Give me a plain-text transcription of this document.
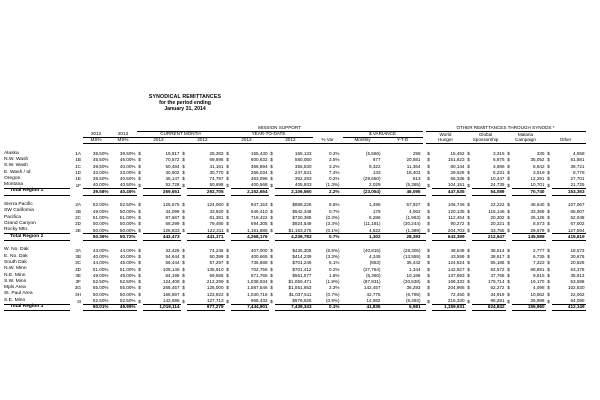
SYNODICAL REMITTANCES
for the period ending
January 31, 2014
				MISSION SUPPORT												OTHER REMITTANCES THROUGH SYNODS *							
		2012	2013	CURRENT MONTH				YEAR-TO-DATE					$ VARIANCE			World		Global		Malaria			
		MS%	MS%	2013		2012		2013		2012		% Var	Monthly	Y-T-D		Hunger		Sponsorship		Campaign		Other	

Alaska	1A	39.50%	39.50%	$	19,817	$	25,383	$	155,430	$	155,132	0.2%	(5,566)	298		$	15,452	$	3,315	$	335	$	4,558
N.W. Wash	1B	45.50%	46.00%	$	70,572	$	69,896	$	600,632	$	580,050	3.5%	677	20,581		$	151,823	$	6,875	$	35,052	$	51,881
S.W. Wash	1C	39.50%	40.00%	$	50,484	$	41,161	$	366,894	$	355,530	3.2%	9,322	11,364		$	80,144	$	3,686	$	8,842	$	38,721
E. Wash / Id	1D	33.00%	33.00%	$	30,902	$	30,770	$	266,034	$	247,631	7.4%	133	18,403		$	29,629	$	5,231	$	3,519	$	8,778
Oregon	1E	39.50%	40.50%	$	45,147	$	74,797	$	363,096	$	362,283	0.2%	(29,650)	813		$	66,336	$	10,447	$	12,291	$	27,701
Montana	1F	40.00%	40.50%	$	52,728	$	50,698	$	400,568	$	405,933	(1.3%)	2,029	(5,365)		$	104,151	$	24,735	$	10,701	$	21,725
Total Region 1		39.58%	40.45%		269,651		292,705		2,152,654		2,106,560	2.2%	(23,054)	46,095			447,535		54,089		70,740		153,363

Sierra Pacific	2A	52.00%	52.50%	$	125,575	$	124,060	$	947,153	$	$889,226	6.5%	1,495	57,927		$	106,746	$	22,222	$	48,640	$	107,067
SW California	2B	49.00%	50.00%	$	34,099	$	33,920	$	546,410	$	$542,348	0.7%	179	4,062		$	120,135	$	116,146	$	33,369	$	65,907
Pacifica	2C	51.00%	51.00%	$	87,667	$	81,381	$	718,422	$	$720,385	(0.3%)	6,286	(1,963)		$	112,454	$	20,302	$	25,126	$	52,048
Grand Canyon	2D	50.00%	50.00%	$	68,299	$	79,480	$	694,305	$	$924,549	(3.3%)	(11,181)	(30,244)		$	90,272	$	20,221	$	8,573	$	67,002
Rocky Mtn.	2E	50.00%	50.00%	$	126,833	$	122,311	$	1,161,886	$	$1,163,275	(0.1%)	4,522	(1,389)		$	204,703	$	33,755	$	29,679	$	127,594
Total Region 2		50.36%	50.72%		442,473		441,171		4,268,176		4,239,783	0.7%	1,302	28,393			643,399		212,647		145,588		419,619

W. No. Dak	3A	43.00%	44.00%	$	33,429	$	74,246	$	407,000	$	$435,305	(6.5%)	(40,816)	(28,305)		$	48,549	$	38,514	$	2,777	$	18,573
E. No. Dak	3B	40.00%	40.00%	$	54,644	$	50,399	$	400,665	$	$414,239	(3.3%)	4,245	(13,555)		$	43,559	$	38,617	$	6,735	$	30,676
South Dak	3C	44.00%	45.00%	$	56,444	$	57,297	$	736,688	$	$701,246	5.1%	(853)	35,442		$	124,824	$	55,186	$	7,322	$	20,829
N.W. Minn	3D	51.00%	51.00%	$	108,145	$	135,910	$	702,756	$	$701,412	0.2%	(27,764)	1,344		$	142,927	$	82,572	$	68,891	$	63,378
N.E. Minn	3E	49.00%	49.00%	$	64,195	$	69,555	$	571,765	$	$561,577	1.8%	(5,360)	10,188		$	137,693	$	37,765	$	9,615	$	35,613
S.W. Minn	3F	52.50%	52.50%	$	124,408	$	212,299	$	1,038,934	$	$1,059,471	(1.9%)	(87,831)	(20,538)		$	168,332	$	179,714	$	19,170	$	53,598
Mpls Area	3G	55.00%	55.00%	$	268,457	$	126,000	$	1,587,546	$	$1,551,653	2.3%	142,457	36,293		$	204,966	$	62,272	$	4,098	$	102,830
St. Paul Area	3H	50.00%	50.00%	$	166,697	$	123,922	$	1,030,716	$	$1,037,511	(0.7%)	42,775	(6,795)		$	72,450	$	34,919	$	10,562	$	22,062
S.E. Minn	3I	52.50%	52.50%	$	142,695	$	127,713	$	968,432	$	$976,925	(0.9%)	14,982	(8,493)		$	216,330	$	95,281	$	26,999	$	64,090
Total Region 3		50.01%	49.95%		1,019,114		977,279		7,444,901		7,439,343	0.1%	41,835	5,581			1,159,631		624,842		155,960		412,149
